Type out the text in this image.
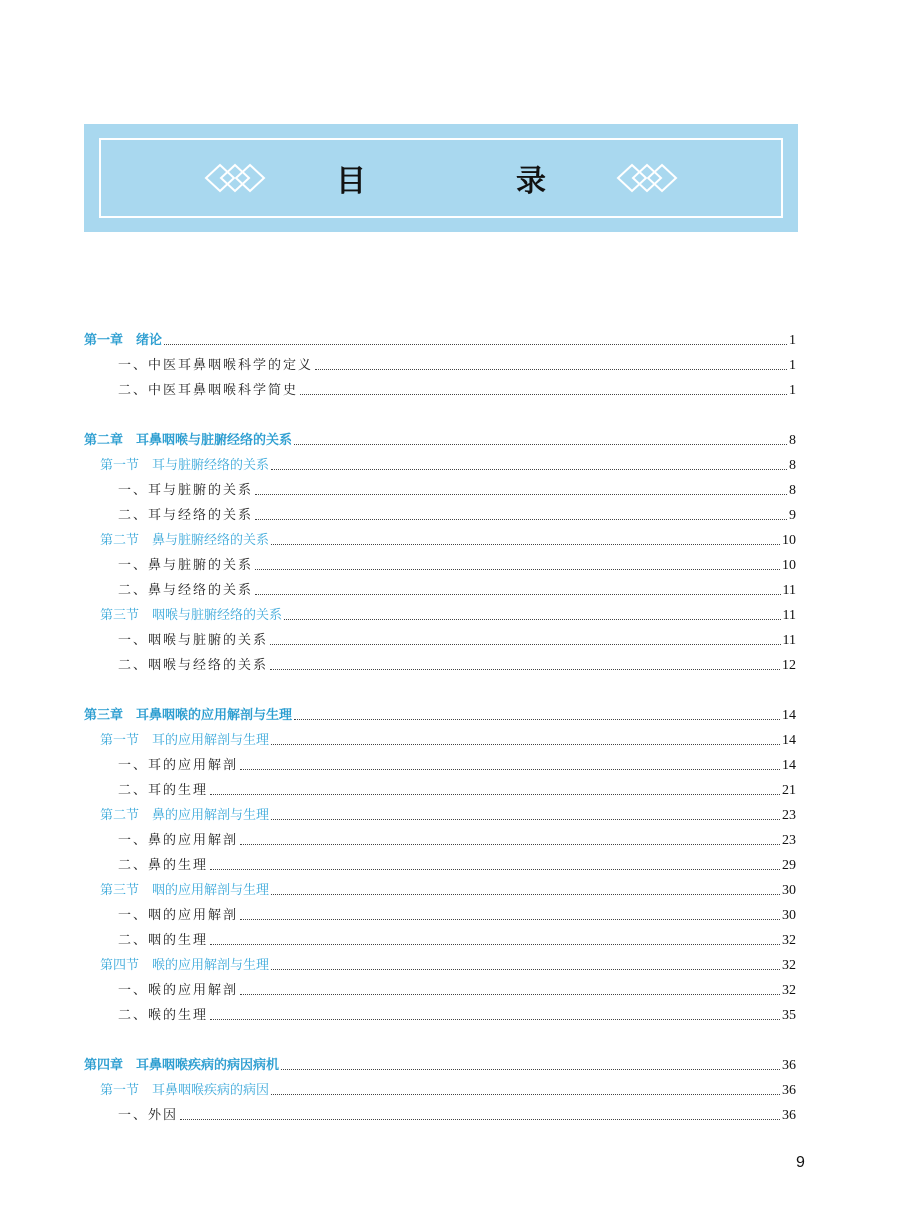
目　录
第一章　绪论	1
一、中医耳鼻咽喉科学的定义	1
二、中医耳鼻咽喉科学简史	1
第二章　耳鼻咽喉与脏腑经络的关系	8
第一节　耳与脏腑经络的关系	8
一、耳与脏腑的关系	8
二、耳与经络的关系	9
第二节　鼻与脏腑经络的关系	10
一、鼻与脏腑的关系	10
二、鼻与经络的关系	11
第三节　咽喉与脏腑经络的关系	11
一、咽喉与脏腑的关系	11
二、咽喉与经络的关系	12
第三章　耳鼻咽喉的应用解剖与生理	14
第一节　耳的应用解剖与生理	14
一、耳的应用解剖	14
二、耳的生理	21
第二节　鼻的应用解剖与生理	23
一、鼻的应用解剖	23
二、鼻的生理	29
第三节　咽的应用解剖与生理	30
一、咽的应用解剖	30
二、咽的生理	32
第四节　喉的应用解剖与生理	32
一、喉的应用解剖	32
二、喉的生理	35
第四章　耳鼻咽喉疾病的病因病机	36
第一节　耳鼻咽喉疾病的病因	36
一、外因	36
9
